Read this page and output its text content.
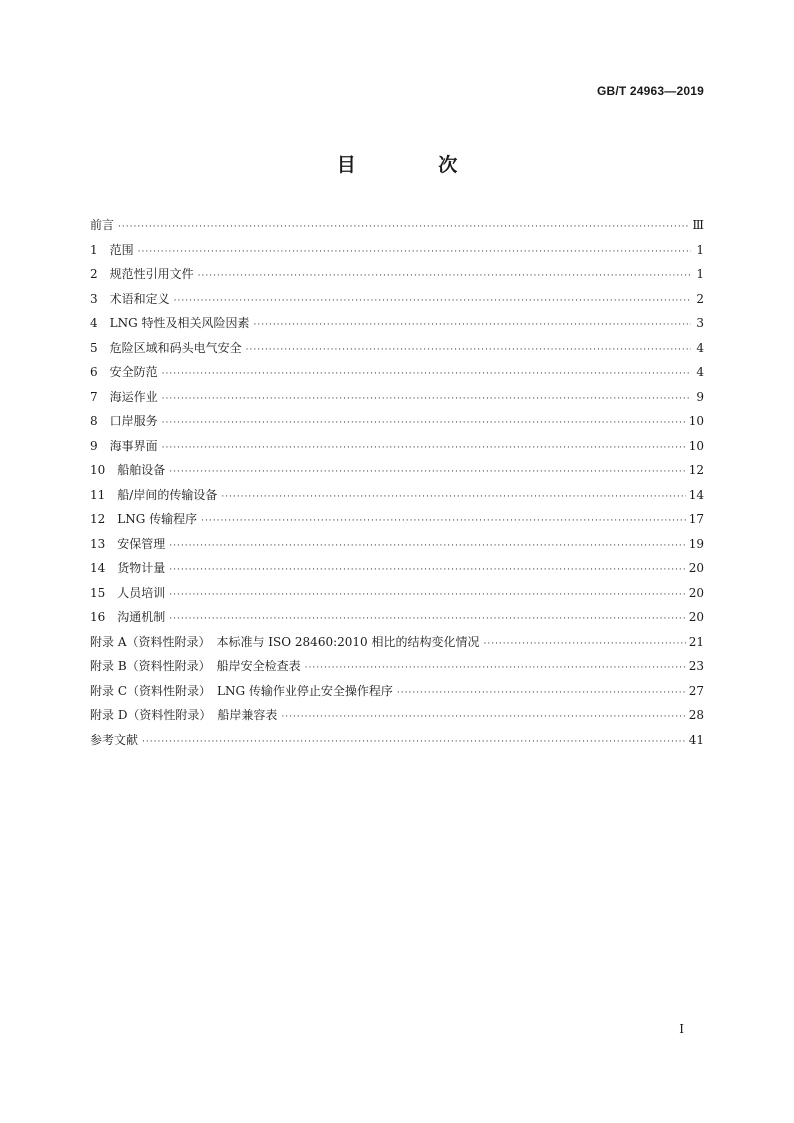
GB/T 24963—2019
目 次
前言 ·····	Ⅲ
1　范围 ·····	1
2　规范性引用文件 ·····	1
3　术语和定义 ·····	2
4　LNG 特性及相关风险因素 ·····	3
5　危险区域和码头电气安全 ·····	4
6　安全防范 ·····	4
7　海运作业 ·····	9
8　口岸服务 ·····	10
9　海事界面 ·····	10
10　船舶设备 ·····	12
11　船/岸间的传输设备 ·····	14
12　LNG 传输程序 ·····	17
13　安保管理 ·····	19
14　货物计量 ·····	20
15　人员培训 ·····	20
16　沟通机制 ·····	20
附录 A（资料性附录）　本标准与 ISO 28460:2010 相比的结构变化情况 ·····	21
附录 B（资料性附录）　船岸安全检查表 ·····	23
附录 C（资料性附录）　LNG 传输作业停止安全操作程序 ·····	27
附录 D（资料性附录）　船岸兼容表 ·····	28
参考文献 ·····	41
I
